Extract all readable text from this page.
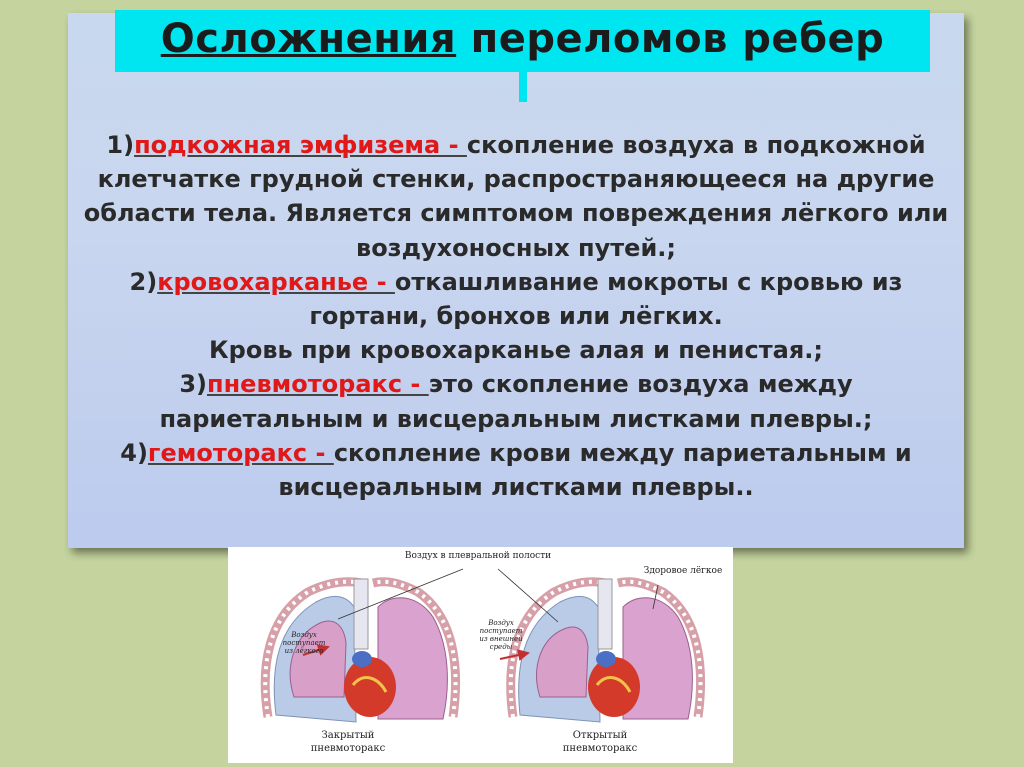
Осложнения переломов ребер
1)подкожная эмфизема - скопление воздуха в подкожной клетчатке грудной стенки, распространяющееся на другие области тела. Является симптомом повреждения лёгкого или воздухоносных путей.;
2)кровохарканье - откашливание мокроты с кровью из гортани, бронхов или лёгких.
Кровь при кровохарканье алая и пенистая.;
3)пневмоторакс - это скопление воздуха между париетальным и висцеральным листками плевры.;
4)гемоторакс - скопление крови между париетальным и висцеральным листками плевры..
Воздух в плевральной полости
Здоровое лёгкое
Воздух поступает из лёгкого
Воздух поступает из внешней среды
Закрытый пневмоторакс
Открытый пневмоторакс
